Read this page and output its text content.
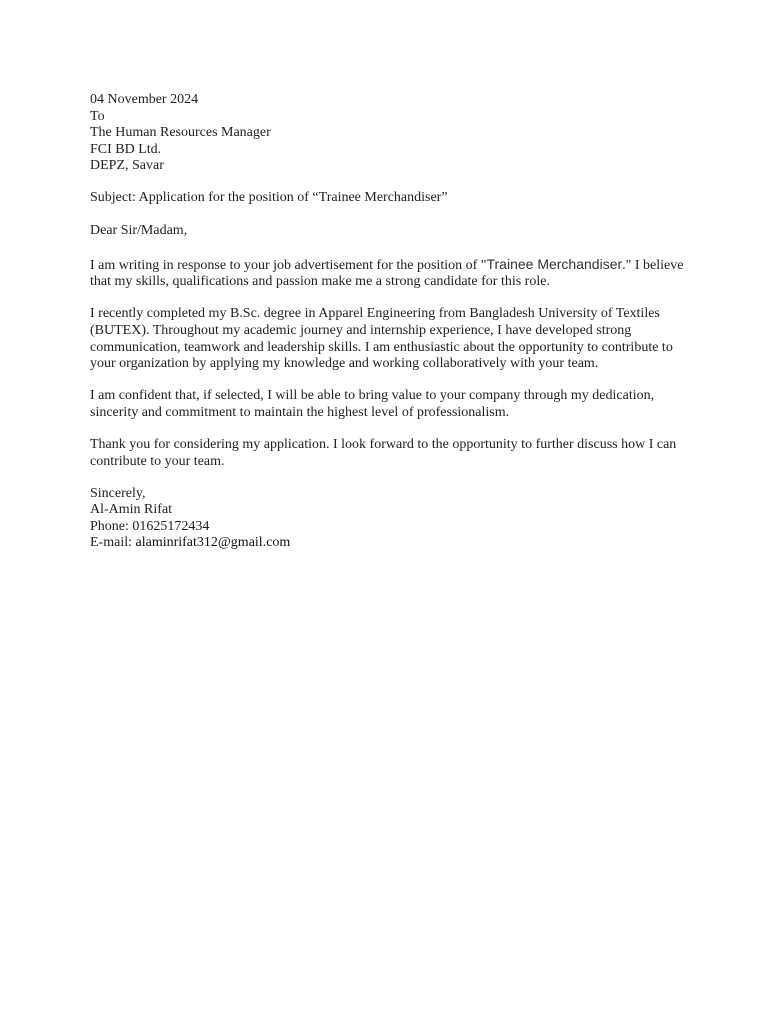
04 November 2024
To
The Human Resources Manager
FCI BD Ltd.
DEPZ, Savar
Subject: Application for the position of “Trainee Merchandiser”
Dear Sir/Madam,
I am writing in response to your job advertisement for the position of "Trainee Merchandiser." I believe
that my skills, qualifications and passion make me a strong candidate for this role.
I recently completed my B.Sc. degree in Apparel Engineering from Bangladesh University of Textiles
(BUTEX). Throughout my academic journey and internship experience, I have developed strong
communication, teamwork and leadership skills. I am enthusiastic about the opportunity to contribute to
your organization by applying my knowledge and working collaboratively with your team.
I am confident that, if selected, I will be able to bring value to your company through my dedication,
sincerity and commitment to maintain the highest level of professionalism.
Thank you for considering my application. I look forward to the opportunity to further discuss how I can
contribute to your team.
Sincerely,
Al-Amin Rifat
Phone: 01625172434
E-mail: alaminrifat312@gmail.com
